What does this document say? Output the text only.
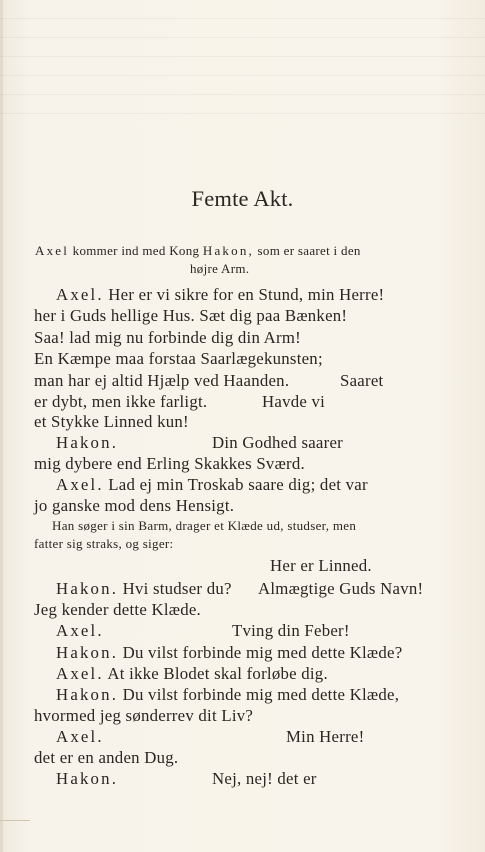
Femte Akt.
Axel kommer ind med Kong Hakon, som er saaret i den
højre Arm.
Axel. Her er vi sikre for en Stund, min Herre!
her i Guds hellige Hus. Sæt dig paa Bænken!
Saa! lad mig nu forbinde dig din Arm!
En Kæmpe maa forstaa Saarlægekunsten;
man har ej altid Hjælp ved Haanden.	Saaret
er dybt, men ikke farligt.	Havde vi
et Stykke Linned kun!
Hakon.	Din Godhed saarer
mig dybere end Erling Skakkes Sværd.
Axel. Lad ej min Troskab saare dig; det var
jo ganske mod dens Hensigt.
Han søger i sin Barm, drager et Klæde ud, studser, men
fatter sig straks, og siger:
Her er Linned.
Hakon. Hvi studser du? Almægtige Guds Navn!
Jeg kender dette Klæde.
Axel.	Tving din Feber!
Hakon. Du vilst forbinde mig med dette Klæde?
Axel. At ikke Blodet skal forløbe dig.
Hakon. Du vilst forbinde mig med dette Klæde,
hvormed jeg sønderrev dit Liv?
Axel.	Min Herre!
det er en anden Dug.
Hakon.	Nej, nej! det er
